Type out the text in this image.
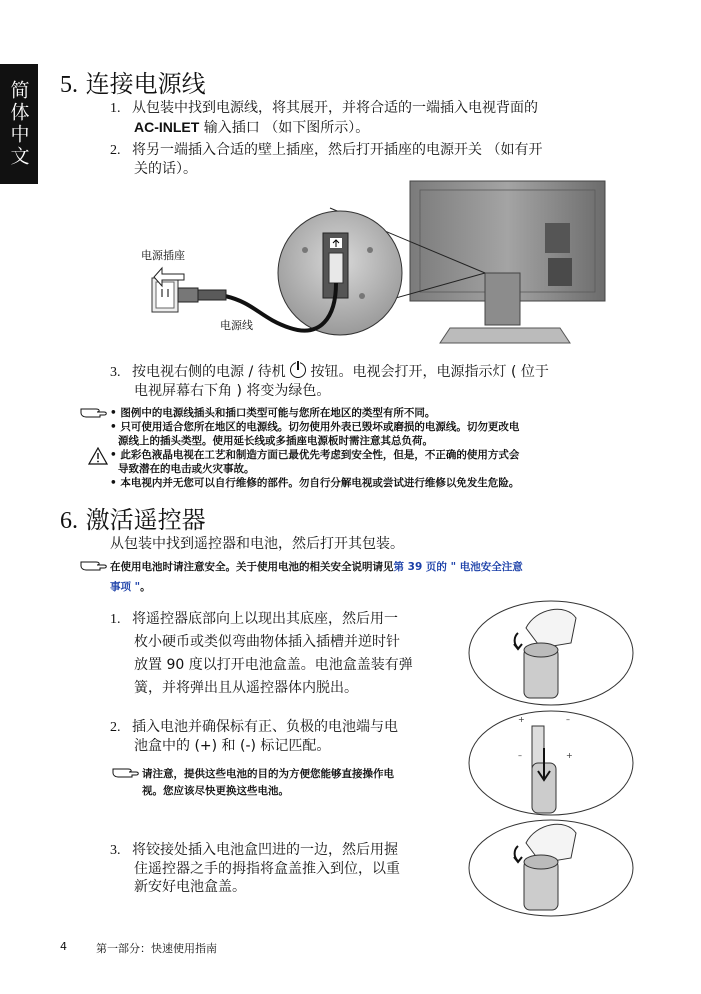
简体中文 5. 连接电源线
1. 从包装中找到电源线，将其展开，并将合适的一端插入电视背面的
AC-INLET 输入插口 （如下图所示）。
2. 将另一端插入合适的壁上插座，然后打开插座的电源开关 （如有开
关的话）。
电源插座
电源线
3. 按电视右侧的电源 / 待机
按钮。电视会打开，电源指示灯 ( 位于
电视屏幕右下角 ) 将变为绿色。
• 图例中的电源线插头和插口类型可能与您所在地区的类型有所不同。
• 只可使用适合您所在地区的电源线。切勿使用外表已毁坏或磨损的电源线。切勿更改电
源线上的插头类型。使用延长线或多插座电源板时需注意其总负荷。
• 此彩色液晶电视在工艺和制造方面已最优先考虑到安全性，但是，不正确的使用方式会
导致潜在的电击或火灾事故。
• 本电视内并无您可以自行维修的部件。勿自行分解电视或尝试进行维修以免发生危险。
6. 激活遥控器
从包装中找到遥控器和电池，然后打开其包装。
在使用电池时请注意安全。关于使用电池的相关安全说明请见第 39 页的 " 电池安全注意
事项 "。
1. 将遥控器底部向上以现出其底座，然后用一
枚小硬币或类似弯曲物体插入插槽并逆时针
放置 90 度以打开电池盒盖。电池盒盖装有弹
簧，并将弹出且从遥控器体内脱出。
2. 插入电池并确保标有正、负极的电池端与电
池盒中的 (+) 和 (-) 标记匹配。
请注意，提供这些电池的目的为方便您能够直接操作电
视。您应该尽快更换这些电池。
3. 将铰接处插入电池盒凹进的一边，然后用握
住遥控器之手的拇指将盒盖推入到位，以重
新安好电池盒盖。
+	–
–	+
4	第一部分：快速使用指南
